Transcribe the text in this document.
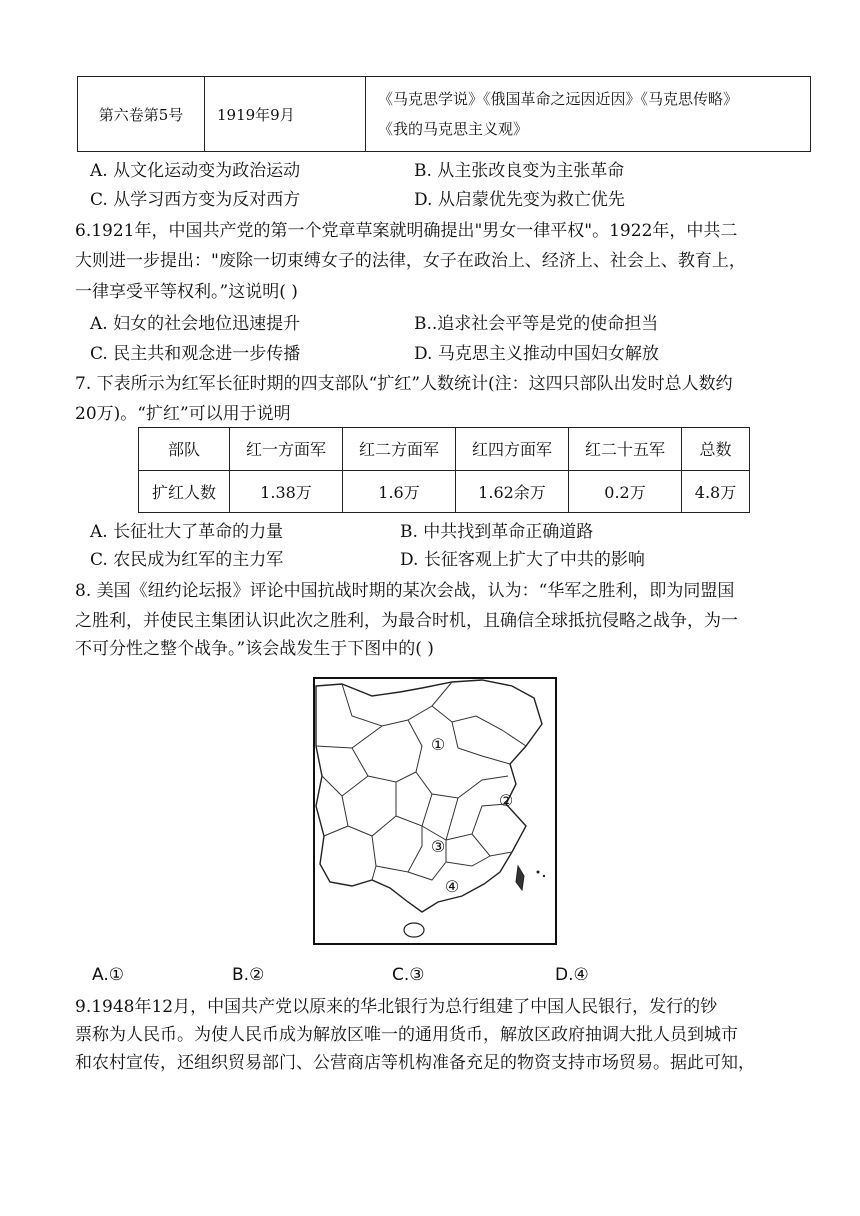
第六卷第5号	1919年9月	
《马克思学说》《俄国革命之远因近因》《马克思传略》
《我的马克思主义观》
A. 从文化运动变为政治运动	B. 从主张改良变为主张革命
C. 从学习西方变为反对西方	D. 从启蒙优先变为救亡优先
6.1921年，中国共产党的第一个党章草案就明确提出"男女一律平权"。1922年，中共二
大则进一步提出："废除一切束缚女子的法律，女子在政治上、经济上、社会上、教育上，
一律享受平等权利。”这说明( )
A. 妇女的社会地位迅速提升	B..追求社会平等是党的使命担当
C. 民主共和观念进一步传播	D. 马克思主义推动中国妇女解放
7. 下表所示为红军长征时期的四支部队“扩红”人数统计(注：这四只部队出发时总人数约
20万)。“扩红”可以用于说明
部队	红一方面军	红二方面军	红四方面军	红二十五军	总数
扩红人数	1.38万	1.6万	1.62余万	0.2万	4.8万
A. 长征壮大了革命的力量	B. 中共找到革命正确道路
C. 农民成为红军的主力军	D. 长征客观上扩大了中共的影响
8. 美国《纽约论坛报》评论中国抗战时期的某次会战，认为：“华军之胜利，即为同盟国
之胜利，并使民主集团认识此次之胜利，为最合时机，且确信全球抵抗侵略之战争，为一
不可分性之整个战争。”该会战发生于下图中的( )
①
②
③
④
A.①	B.②	C.③	D.④
9.1948年12月，中国共产党以原来的华北银行为总行组建了中国人民银行，发行的钞
票称为人民币。为使人民币成为解放区唯一的通用货币，解放区政府抽调大批人员到城市
和农村宣传，还组织贸易部门、公营商店等机构准备充足的物资支持市场贸易。据此可知，
